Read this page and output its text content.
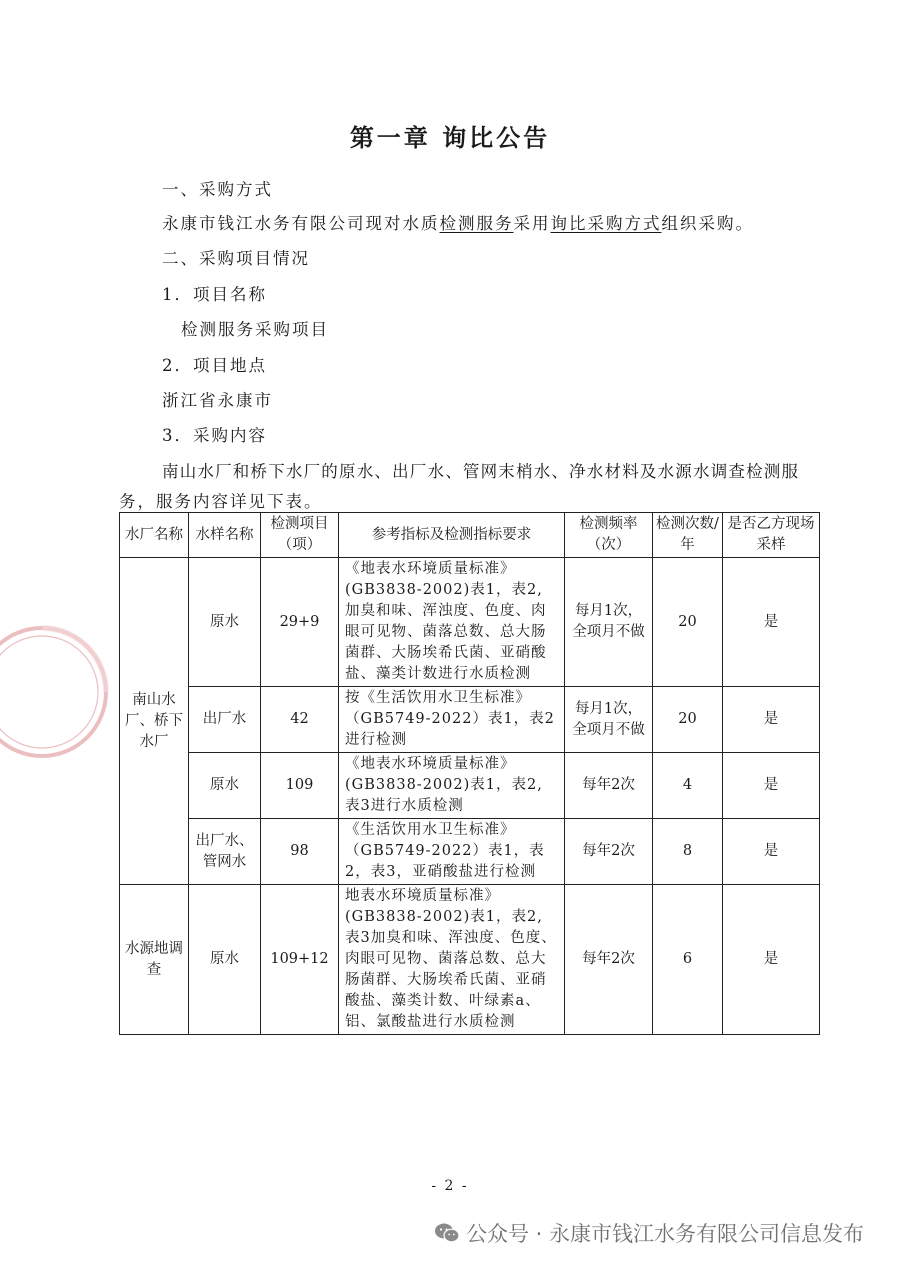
第一章 询比公告
一、采购方式
永康市钱江水务有限公司现对水质检测服务采用询比采购方式组织采购。
二、采购项目情况
1．项目名称
检测服务采购项目
2．项目地点
浙江省永康市
3．采购内容
南山水厂和桥下水厂的原水、出厂水、管网末梢水、净水材料及水源水调查检测服
务，服务内容详见下表。
水厂名称	水样名称	检测项目（项）	参考指标及检测指标要求	检测频率（次）	检测次数/年	是否乙方现场采样
南山水厂、桥下水厂	原水	29+9	《地表水环境质量标准》(GB3838-2002)表1，表2,加臭和味、浑浊度、色度、肉眼可见物、菌落总数、总大肠菌群、大肠埃希氏菌、亚硝酸盐、藻类计数进行水质检测	每月1次，全项月不做	20	是
	出厂水	42	按《生活饮用水卫生标准》（GB5749-2022）表1，表2进行检测	每月1次，全项月不做	20	是
	原水	109	《地表水环境质量标准》(GB3838-2002)表1，表2,表3进行水质检测	每年2次	4	是
	出厂水、管网水	98	《生活饮用水卫生标准》（GB5749-2022）表1，表2，表3，亚硝酸盐进行检测	每年2次	8	是
水源地调查	原水	109+12	地表水环境质量标准》(GB3838-2002)表1，表2,表3加臭和味、浑浊度、色度、肉眼可见物、菌落总数、总大肠菌群、大肠埃希氏菌、亚硝酸盐、藻类计数、叶绿素a、铝、氯酸盐进行水质检测	每年2次	6	是
- 2 -
公众号 · 永康市钱江水务有限公司信息发布
